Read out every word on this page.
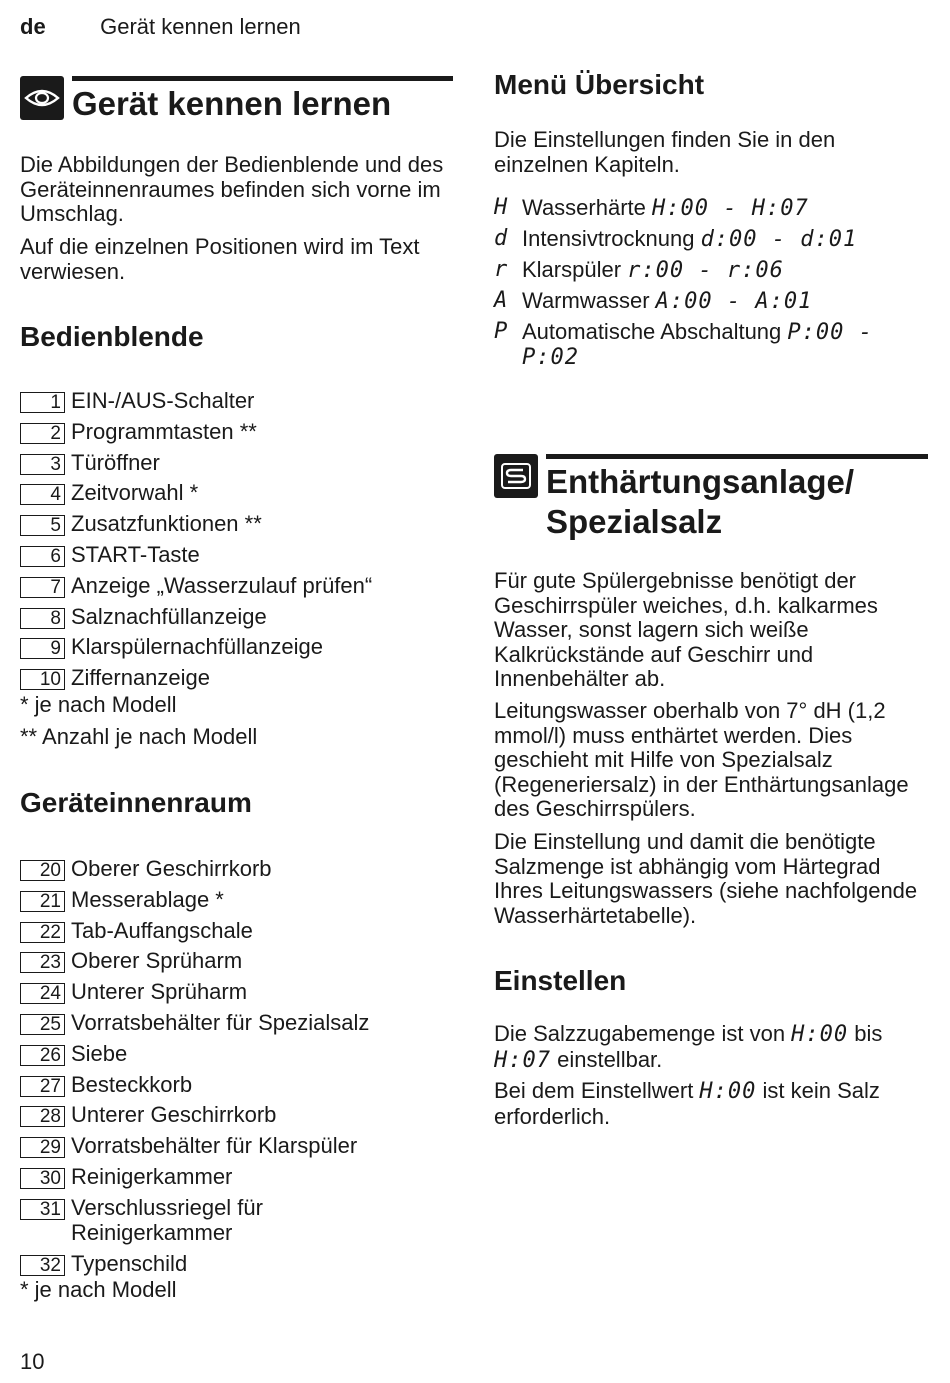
de Gerät kennen lernen
Gerät kennen lernen
Die Abbildungen der Bedienblende und des Geräteinnenraumes befinden sich vorne im Umschlag.
Auf die einzelnen Positionen wird im Text verwiesen.
Bedienblende
1 EIN-/AUS-Schalter
2 Programmtasten **
3 Türöffner
4 Zeitvorwahl *
5 Zusatzfunktionen **
6 START-Taste
7 Anzeige „Wasserzulauf prüfen“
8 Salznachfüllanzeige
9 Klarspülernachfüllanzeige
10 Ziffernanzeige
* je nach Modell
** Anzahl je nach Modell
Geräteinnenraum
20 Oberer Geschirrkorb
21 Messerablage *
22 Tab-Auffangschale
23 Oberer Sprüharm
24 Unterer Sprüharm
25 Vorratsbehälter für Spezialsalz
26 Siebe
27 Besteckkorb
28 Unterer Geschirrkorb
29 Vorratsbehälter für Klarspüler
30 Reinigerkammer
31 Verschlussriegel für Reinigerkammer
32 Typenschild
* je nach Modell
Menü Übersicht
Die Einstellungen finden Sie in den einzelnen Kapiteln.
H Wasserhärte H:00 - H:07
d Intensivtrocknung d:00 - d:01
r Klarspüler r:00 - r:06
A Warmwasser A:00 - A:01
P Automatische Abschaltung P:00 - P:02
Enthärtungsanlage/
Spezialsalz
Für gute Spülergebnisse benötigt der Geschirrspüler weiches, d.h. kalkarmes Wasser, sonst lagern sich weiße Kalkrückstände auf Geschirr und Innenbehälter ab.
Leitungswasser oberhalb von 7° dH (1,2 mmol/l) muss enthärtet werden. Dies geschieht mit Hilfe von Spezialsalz (Regeneriersalz) in der Enthärtungsanlage des Geschirrspülers.
Die Einstellung und damit die benötigte Salzmenge ist abhängig vom Härtegrad Ihres Leitungswassers (siehe nachfolgende Wasserhärtetabelle).
Einstellen
Die Salzzugabemenge ist von H:00 bis H:07 einstellbar.
Bei dem Einstellwert H:00 ist kein Salz erforderlich.
10
